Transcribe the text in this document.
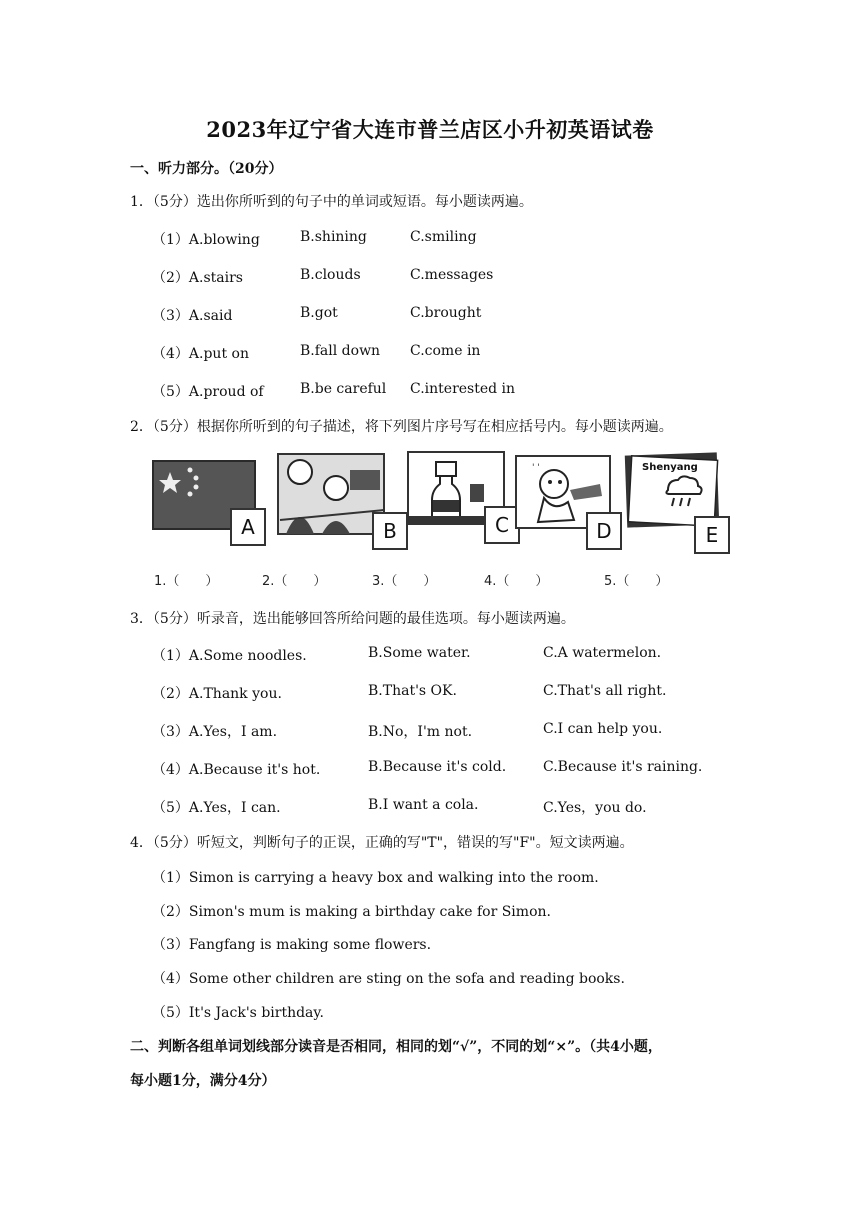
2023年辽宁省大连市普兰店区小升初英语试卷
一、听力部分。（20分）
1．（5分）选出你所听到的句子中的单词或短语。每小题读两遍。
（1）A.blowing	B.shining	C.smiling
（2）A.stairs	B.clouds	C.messages
（3）A.said	B.got	C.brought
（4）A.put on	B.fall down C.come in
（5）A.proud of	B.be careful C.interested in
2．（5分）根据你所听到的句子描述，将下列图片序号写在相应括号内。每小题读两遍。
A	B	C
' '
D
Shenyang
E
1.（　　）	2.（　　）	3.（　　）	4.（　　）	5.（　　）
3．（5分）听录音，选出能够回答所给问题的最佳选项。每小题读两遍。
（1）A.Some noodles.	B.Some water.	C.A watermelon.
（2）A.Thank you.	B.That's OK.	C.That's all right.
（3）A.Yes，I am.	B.No，I'm not.	C.I can help you.
（4）A.Because it's hot.	B.Because it's cold.	C.Because it's raining.
（5）A.Yes，I can.	B.I want a cola.	C.Yes，you do.
4．（5分）听短文，判断句子的正误，正确的写"T"，错误的写"F"。短文读两遍。
（1）Simon is carrying a heavy box and walking into the room.
（2）Simon's mum is making a birthday cake for Simon.
（3）Fangfang is making some flowers.
（4）Some other children are sting on the sofa and reading books.
（5）It's Jack's birthday.
二、判断各组单词划线部分读音是否相同，相同的划“√”，不同的划“×”。（共4小题，
每小题1分，满分4分）
